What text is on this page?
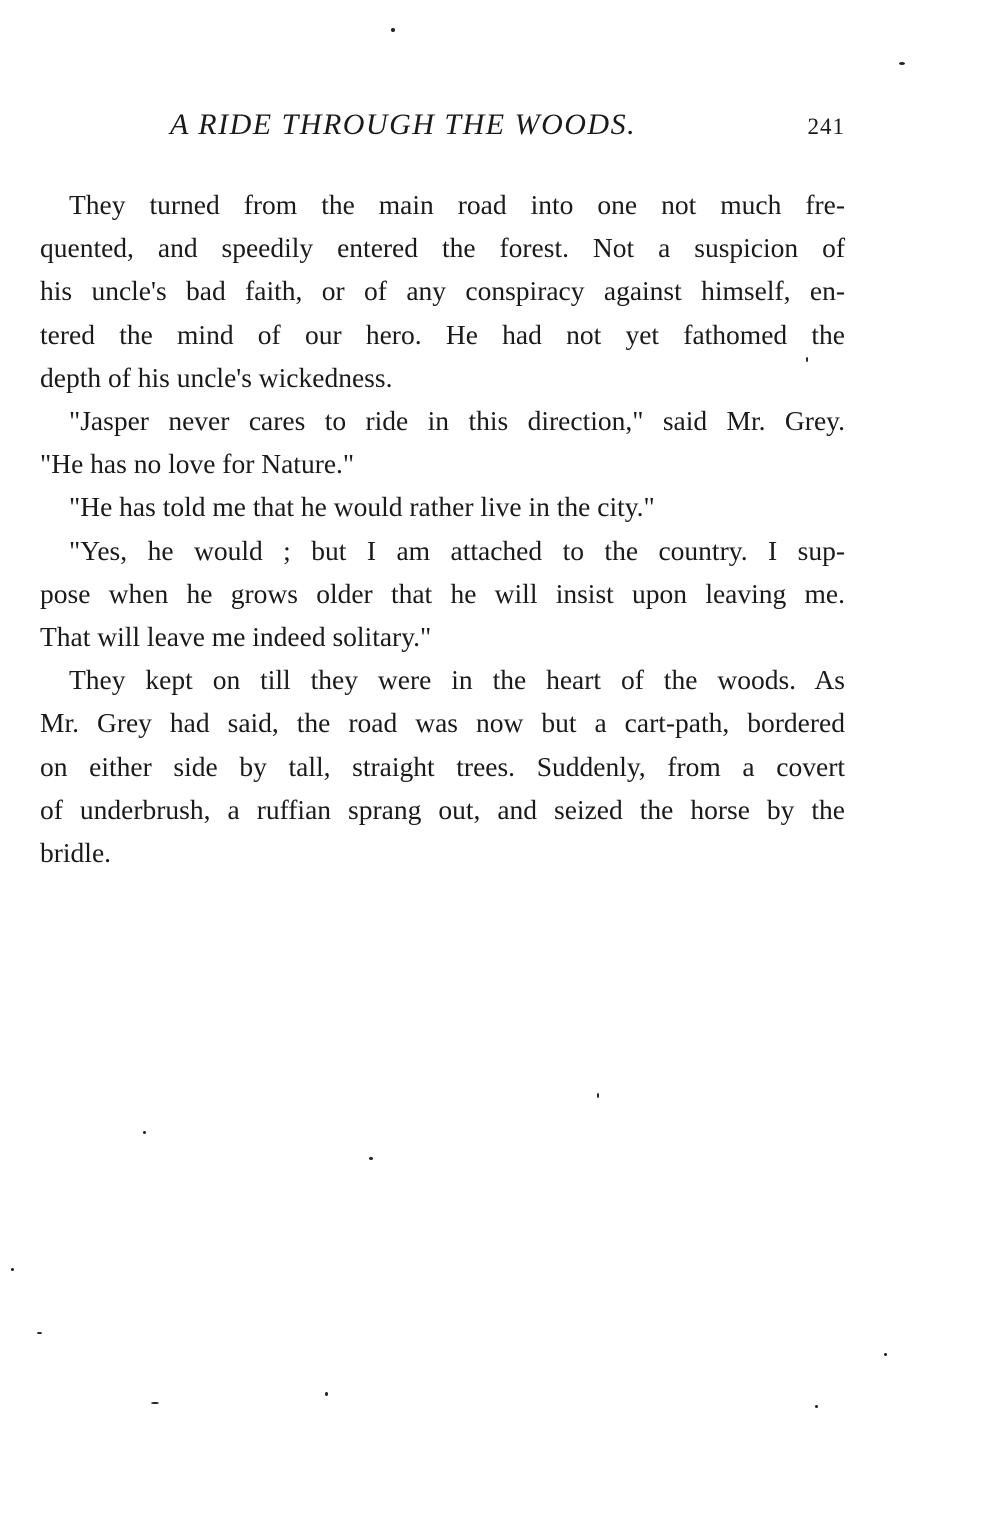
A RIDE THROUGH THE WOODS.	241

They turned from the main road into one not much fre-
quented, and speedily entered the forest. Not a suspicion of
his uncle's bad faith, or of any conspiracy against himself, en-
tered the mind of our hero. He had not yet fathomed the
depth of his uncle's wickedness.

"Jasper never cares to ride in this direction," said Mr. Grey.
"He has no love for Nature."

"He has told me that he would rather live in the city."

"Yes, he would ; but I am attached to the country. I sup-
pose when he grows older that he will insist upon leaving me.
That will leave me indeed solitary."

They kept on till they were in the heart of the woods. As
Mr. Grey had said, the road was now but a cart-path, bordered
on either side by tall, straight trees. Suddenly, from a covert
of underbrush, a ruffian sprang out, and seized the horse by the
bridle.
